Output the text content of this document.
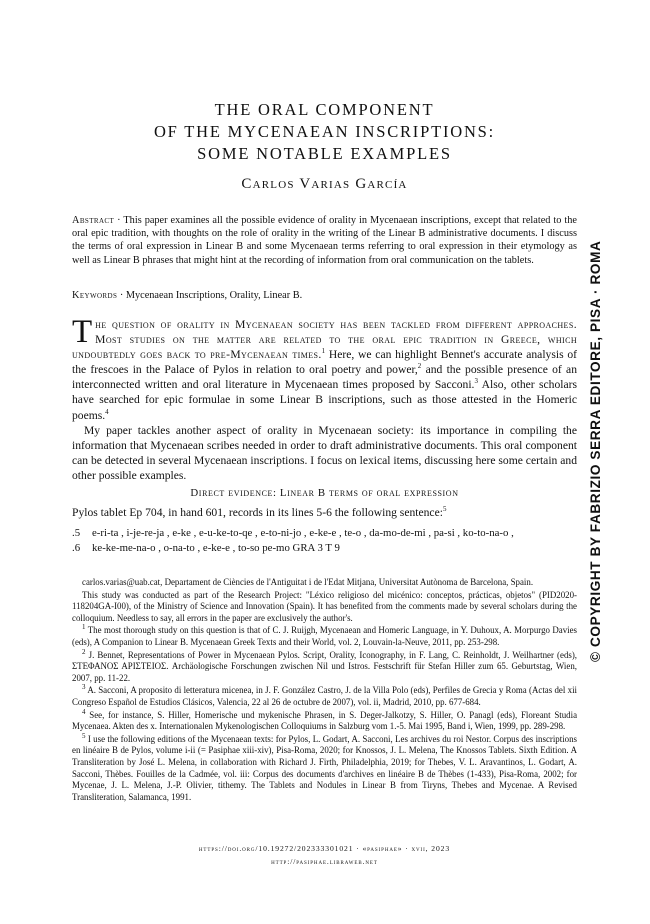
THE ORAL COMPONENT
OF THE MYCENAEAN INSCRIPTIONS:
SOME NOTABLE EXAMPLES
Carlos Varias García
Abstract · This paper examines all the possible evidence of orality in Mycenaean inscriptions, except that related to the oral epic tradition, with thoughts on the role of orality in the writing of the Linear B administrative documents. I discuss the terms of oral expression in Linear B and some Mycenaean terms referring to oral expression in their etymology as well as Linear B phrases that might hint at the recording of information from oral communication on the tablets.
Keywords · Mycenaean Inscriptions, Orality, Linear B.

The question of orality in Mycenaean society has been tackled from different approaches. Most studies on the matter are related to the oral epic tradition in Greece, which undoubtedly goes back to pre-Mycenaean times.$^1$ Here, we can highlight Bennet's accurate analysis of the frescoes in the Palace of Pylos in relation to oral poetry and power,$^2$ and the possible presence of an interconnected written and oral literature in Mycenaean times proposed by Sacconi.$^3$ Also, other scholars have searched for epic formulae in some Linear B inscriptions, such as those attested in the Homeric poems.$^4$

My paper tackles another aspect of orality in Mycenaean society: its importance in compiling the information that Mycenaean scribes needed in order to draft administrative documents. This oral component can be detected in several Mycenaean inscriptions. I focus on lexical items, discussing here some certain and other possible examples.

Direct evidence: Linear B terms of oral expression
Pylos tablet Ep 704, in hand 601, records in its lines 5-6 the following sentence:$^5$
.5	e-ri-ta , i-je-re-ja , e-ke , e-u-ke-to-qe , e-to-ni-jo , e-ke-e , te-o , da-mo-de-mi , pa-si , ko-to-na-o ,
.6	ke-ke-me-na-o , o-na-to , e-ke-e , to-so pe-mo GRA 3 T 9

carlos.varias@uab.cat, Departament de Ciències de l'Antiguitat i de l'Edat Mitjana, Universitat Autònoma de Barcelona, Spain.

This study was conducted as part of the Research Project: "Léxico religioso del micénico: conceptos, prácticas, objetos" (PID2020-118204GA-I00), of the Ministry of Science and Innovation (Spain). It has benefited from the comments made by several scholars during the colloquium. Needless to say, all errors in the paper are exclusively the author's.

$^1$ The most thorough study on this question is that of C. J. Ruijgh, Mycenaean and Homeric Language, in Y. Duhoux, A. Morpurgo Davies (eds), A Companion to Linear B. Mycenaean Greek Texts and their World, vol. 2, Louvain-la-Neuve, 2011, pp. 253-298.

$^2$ J. Bennet, Representations of Power in Mycenaean Pylos. Script, Orality, Iconography, in F. Lang, C. Reinholdt, J. Weilhartner (eds), ΣΤΕΦΑΝΟΣ ΑΡΙΣΤΕΙΟΣ. Archäologische Forschungen zwischen Nil und Istros. Festschrift für Stefan Hiller zum 65. Geburtstag, Wien, 2007, pp. 11-22.

$^3$ A. Sacconi, A proposito di letteratura micenea, in J. F. González Castro, J. de la Villa Polo (eds), Perfiles de Grecia y Roma (Actas del xii Congreso Español de Estudios Clásicos, Valencia, 22 al 26 de octubre de 2007), vol. ii, Madrid, 2010, pp. 677-684.

$^4$ See, for instance, S. Hiller, Homerische und mykenische Phrasen, in S. Deger-Jalkotzy, S. Hiller, O. Panagl (eds), Floreant Studia Mycenaea. Akten des x. Internationalen Mykenologischen Colloquiums in Salzburg vom 1.-5. Mai 1995, Band i, Wien, 1999, pp. 289-298.

$^5$ I use the following editions of the Mycenaean texts: for Pylos, L. Godart, A. Sacconi, Les archives du roi Nestor. Corpus des inscriptions en linéaire B de Pylos, volume i-ii (= Pasiphae xiii-xiv), Pisa-Roma, 2020; for Knossos, J. L. Melena, The Knossos Tablets. Sixth Edition. A Transliteration by José L. Melena, in collaboration with Richard J. Firth, Philadelphia, 2019; for Thebes, V. L. Aravantinos, L. Godart, A. Sacconi, Thèbes. Fouilles de la Cadmée, vol. iii: Corpus des documents d'archives en linéaire B de Thèbes (1-433), Pisa-Roma, 2002; for Mycenae, J. L. Melena, J.-P. Olivier, tithemy. The Tablets and Nodules in Linear B from Tiryns, Thebes and Mycenae. A Revised Transliteration, Salamanca, 1991.

https://doi.org/10.19272/202333301021 · «pasiphae» · xvii, 2023
http://pasiphae.libraweb.net
© COPYRIGHT BY FABRIZIO SERRA EDITORE, PISA · ROMA
